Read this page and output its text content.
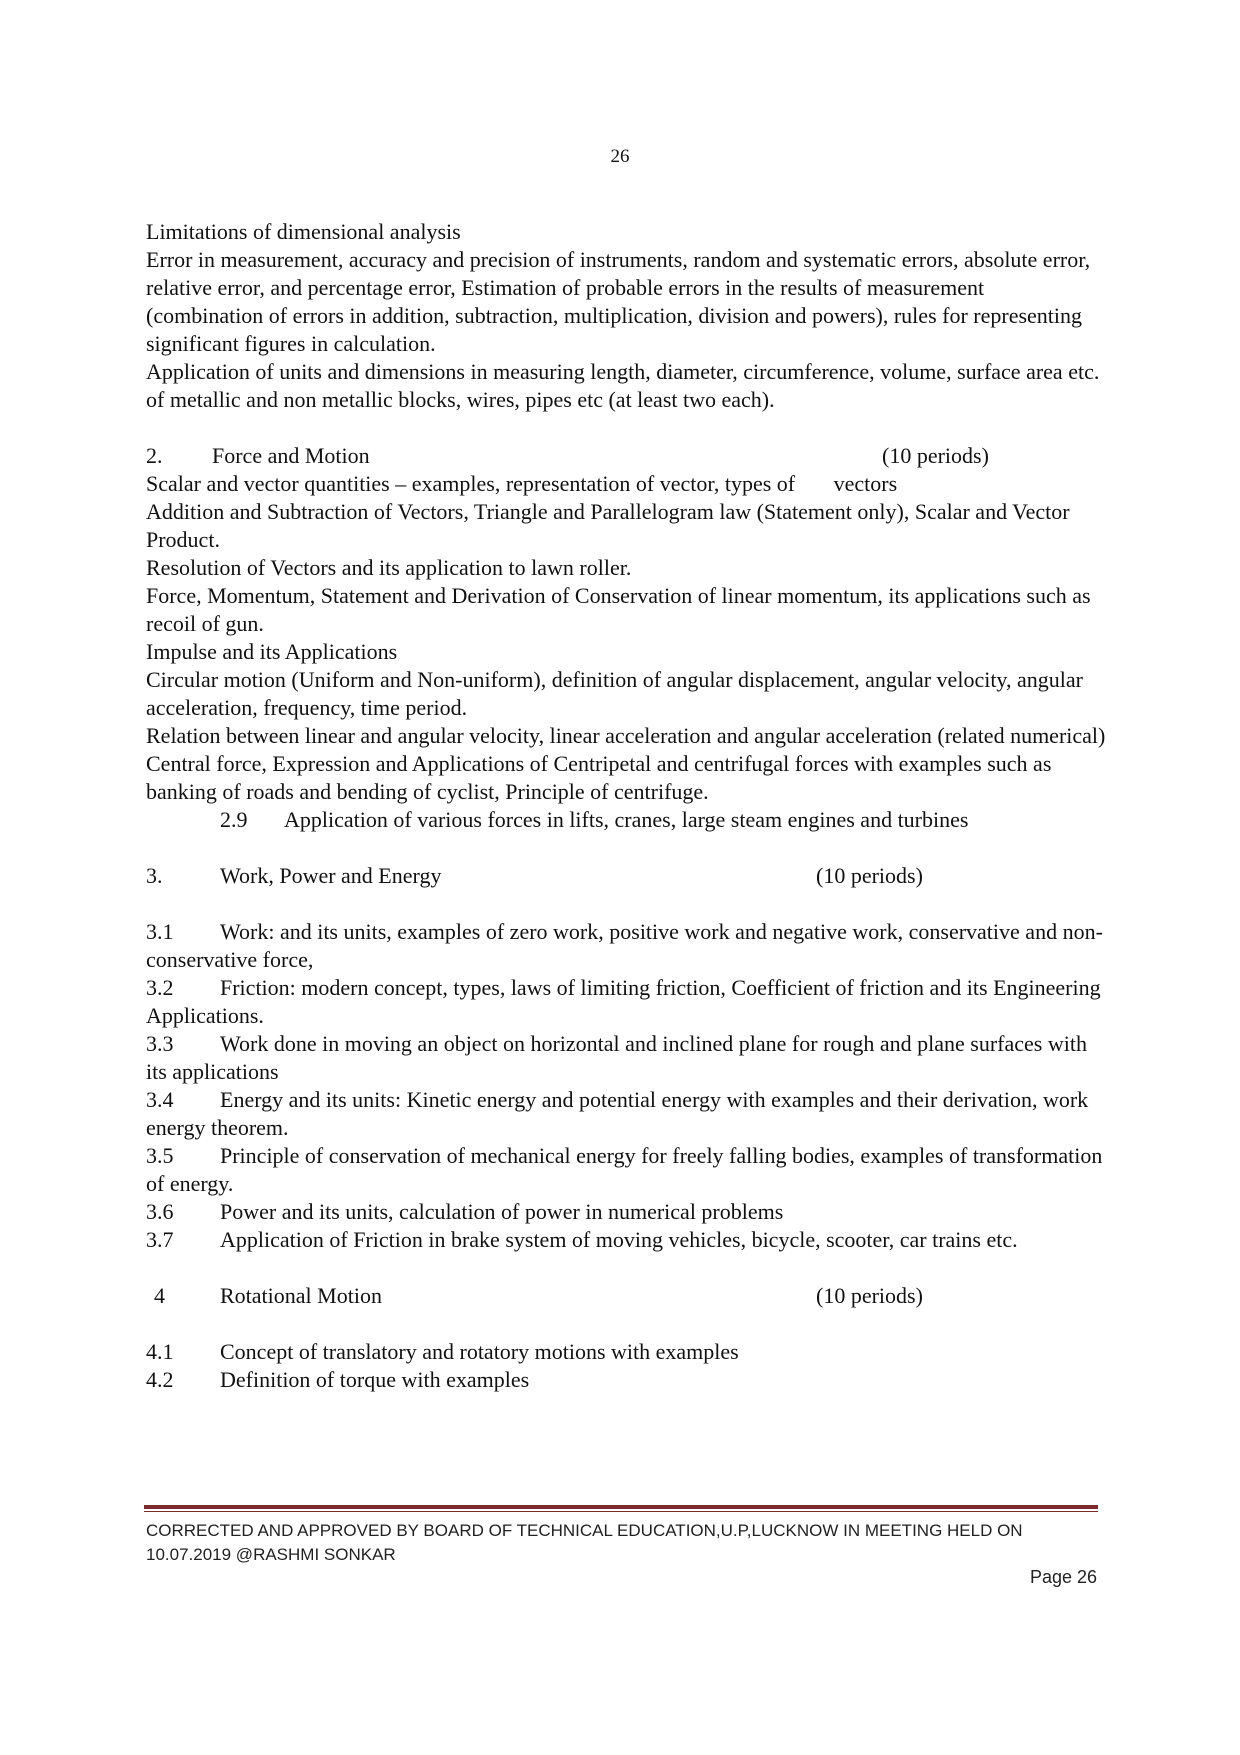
26

Limitations of dimensional analysis

Error in measurement, accuracy and precision of instruments, random and systematic errors, absolute error, relative error, and percentage error, Estimation of probable errors in the results of measurement (combination of errors in addition, subtraction, multiplication, division and powers), rules for representing significant figures in calculation.

Application of units and dimensions in measuring length, diameter, circumference, volume, surface area etc. of metallic and non metallic blocks, wires, pipes etc (at least two each).

2. Force and Motion	(10 periods)

Scalar and vector quantities – examples, representation of vector, types of       vectors

Addition and Subtraction of Vectors, Triangle and Parallelogram law (Statement only), Scalar and Vector Product.

Resolution of Vectors and its application to lawn roller.

Force, Momentum, Statement and Derivation of Conservation of linear momentum, its applications such as recoil of gun.

Impulse and its Applications

Circular motion (Uniform and Non-uniform), definition of angular displacement, angular velocity, angular acceleration, frequency, time period.

Relation between linear and angular velocity, linear acceleration and angular acceleration (related numerical)

Central force, Expression and Applications of Centripetal and centrifugal forces with examples such as banking of roads and bending of cyclist, Principle of centrifuge.

2.9 Application of various forces in lifts, cranes, large steam engines and turbines

3.	Work, Power and Energy	(10 periods)

3.1 Work: and its units, examples of zero work, positive work and negative work, conservative and non-conservative force,

3.2 Friction: modern concept, types, laws of limiting friction, Coefficient of friction and its Engineering Applications.

3.3 Work done in moving an object on horizontal and inclined plane for rough and plane surfaces with its applications

3.4 Energy and its units: Kinetic energy and potential energy with examples and their derivation, work energy theorem.

3.5 Principle of conservation of mechanical energy for freely falling bodies, examples of transformation of energy.

3.6 Power and its units, calculation of power in numerical problems

3.7 Application of Friction in brake system of moving vehicles, bicycle, scooter, car trains etc.

4	Rotational Motion	(10 periods)

4.1 Concept of translatory and rotatory motions with examples

4.2 Definition of torque with examples

CORRECTED AND APPROVED BY BOARD OF TECHNICAL EDUCATION,U.P,LUCKNOW IN MEETING HELD ON
10.07.2019 @RASHMI SONKAR
Page 26
